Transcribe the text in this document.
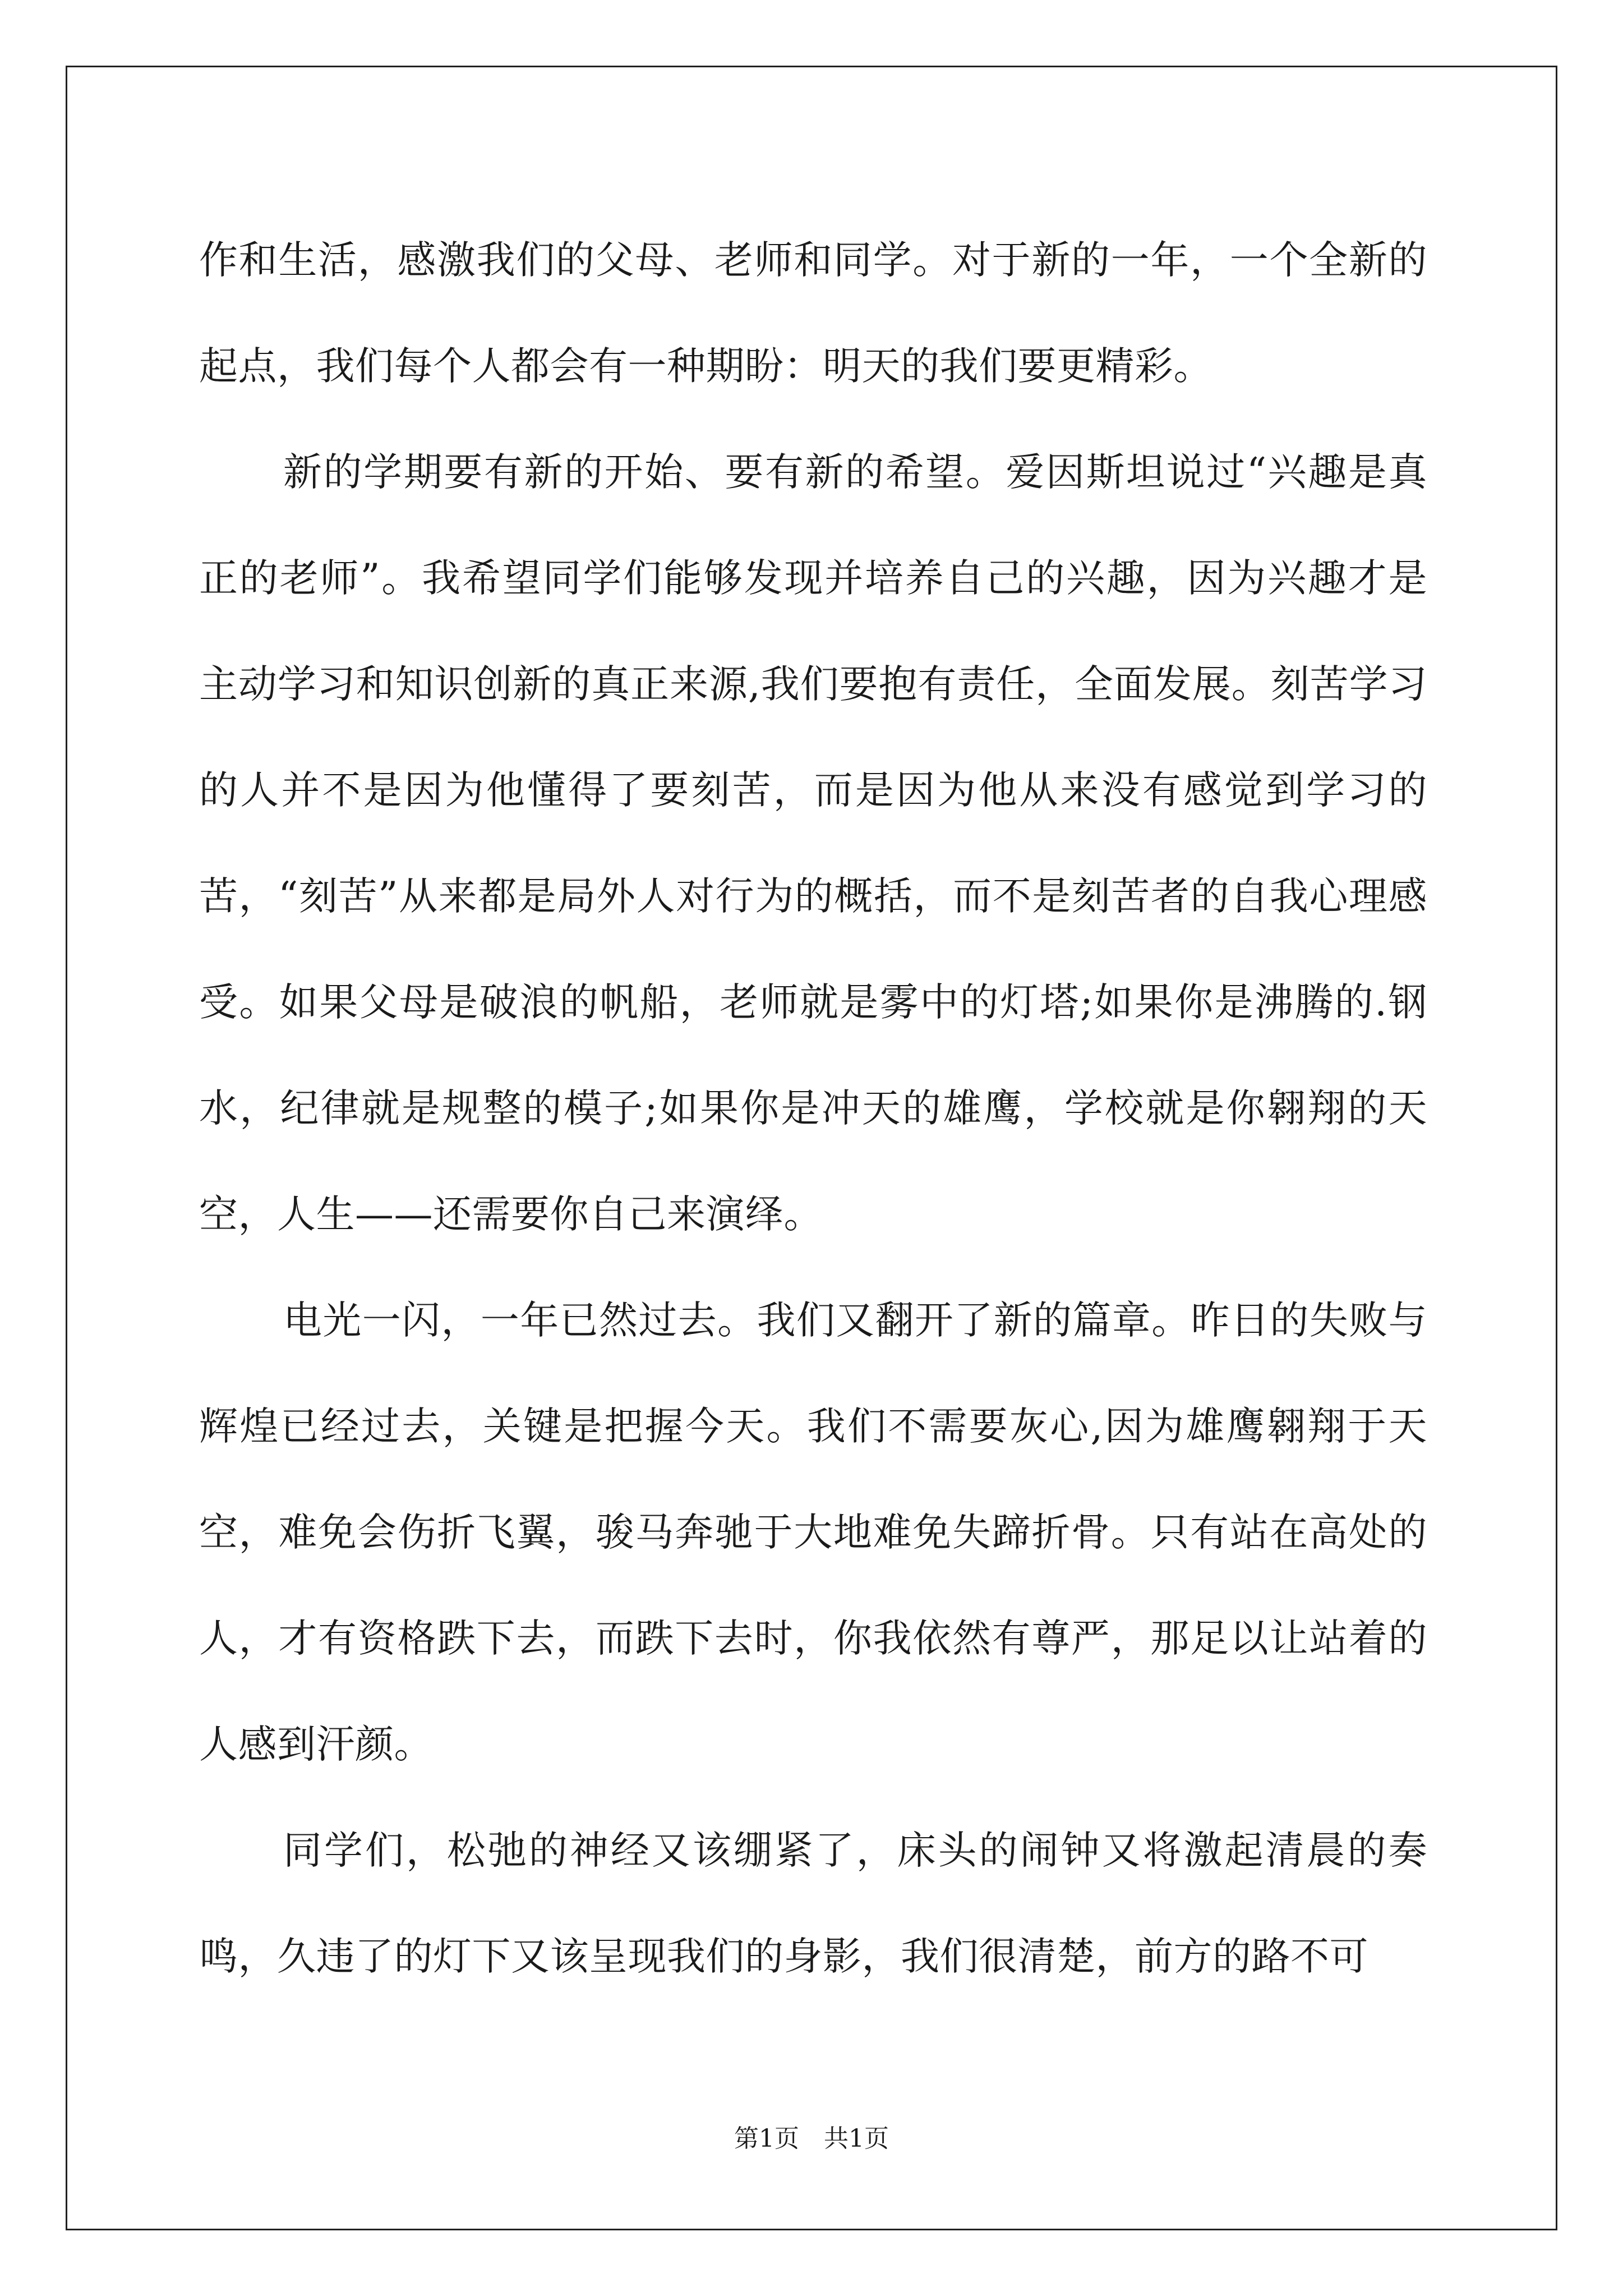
作和生活，感激我们的父母、老师和同学。对于新的一年，一个全新的起点，我们每个人都会有一种期盼：明天的我们要更精彩。

新的学期要有新的开始、要有新的希望。爱因斯坦说过“兴趣是真正的老师”。我希望同学们能够发现并培养自己的兴趣，因为兴趣才是主动学习和知识创新的真正来源,我们要抱有责任，全面发展。刻苦学习的人并不是因为他懂得了要刻苦，而是因为他从来没有感觉到学习的苦，“刻苦”从来都是局外人对行为的概括，而不是刻苦者的自我心理感受。如果父母是破浪的帆船，老师就是雾中的灯塔;如果你是沸腾的.钢水，纪律就是规整的模子;如果你是冲天的雄鹰，学校就是你翱翔的天空，人生——还需要你自己来演绎。

电光一闪，一年已然过去。我们又翻开了新的篇章。昨日的失败与辉煌已经过去，关键是把握今天。我们不需要灰心,因为雄鹰翱翔于天空，难免会伤折飞翼，骏马奔驰于大地难免失蹄折骨。只有站在高处的人，才有资格跌下去，而跌下去时，你我依然有尊严，那足以让站着的人感到汗颜。

同学们，松弛的神经又该绷紧了，床头的闹钟又将激起清晨的奏鸣，久违了的灯下又该呈现我们的身影，我们很清楚，前方的路不可

第1页　共1页
